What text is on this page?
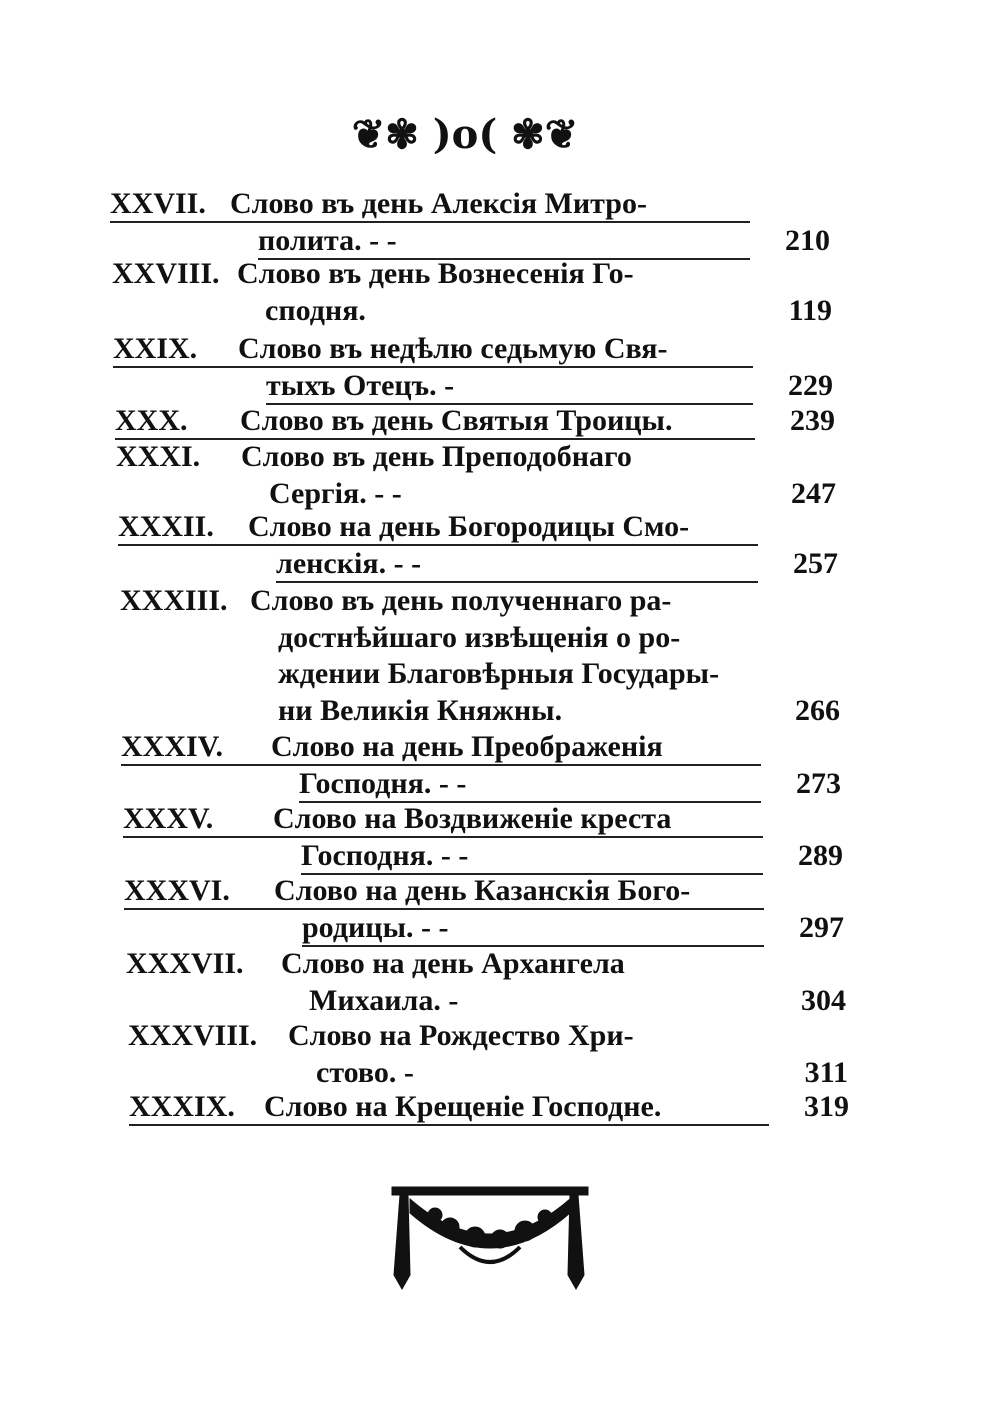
❦✾ )o( ✾❦
XXVII. Слово въ день Алексія Митро-
полита. - -	210
XXVIII. Слово въ день Вознесенія Го-
сподня.	119
XXIX.	Слово въ недѣлю седьмую Свя-
тыхъ Отецъ. -	229
XXX.	Слово въ день Святыя Троицы.	239
XXXI.	Слово въ день Преподобнаго
Сергія. - -	247
XXXII.	Слово на день Богородицы Смо-
ленскія. - -	257
XXXIII. Слово въ день полученнаго ра-
достнѣйшаго извѣщенія о ро-
ждении Благовѣрныя Государы-
ни Великія Княжны.	266
XXXIV.	Слово на день Преображенія
Господня. - -	273
XXXV.	Слово на Воздвиженіе креста
Господня. - -	289
XXXVI.	Слово на день Казанскія Бого-
родицы. - -	297
XXXVII.	Слово на день Архангела
Михаила. -	304
XXXVIII.	Слово на Рождество Хри-
стово. -	311
XXXIX. Слово на Крещеніе Господне.	319
